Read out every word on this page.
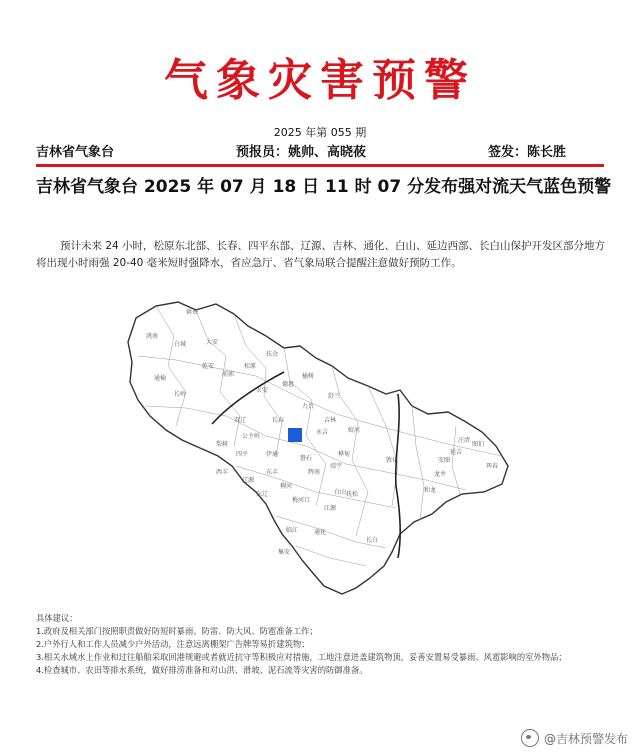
气象灾害预警
2025 年第 055 期
吉林省气象台	预报员：姚帅、高晓莜	签发：陈长胜
吉林省气象台 2025 年 07 月 18 日 11 时 07 分发布强对流天气蓝色预警
预计未来 24 小时，松原东北部、长春、四平东部、辽源、吉林、通化、白山、延边西部、长白山保护开发区部分地方将出现小时雨强 20-40 毫米短时强降水，省应急厅、省气象局联合提醒注意做好预防工作。
镇赉
洮南
白城	大安
通榆
乾安
前郭
长岭
松原
扶余
农安
德惠
榆树
舒兰
九台
长春
双辽
公主岭
伊通
四平
梨树
永吉
吉林
蛟河
敦化	安图
汪清
珲春
图们
龙井
和龙
延吉
辉南
柳河
梅河口
东丰
东辽
辽源
西丰
靖宇
抚松
江源
临江
长白
集安
通化
白山
桦甸
磐石
具体建议：
1.政府及相关部门按照职责做好防短时暴雨、防雷、防大风、防雹准备工作；
2.户外行人和工作人员减少户外活动，注意远离棚架广告牌等易折建筑物；
3.相关水域水上作业和过往船舶采取回港规避或者就近抗守等积极应对措施，工地注意进盖建筑物顶，妥善安置易受暴雨、风雹影响的室外物品；
4.检查城市、农田等排水系统，做好排涝准备和对山洪、滑坡、泥石流等灾害的防御准备。
@吉林预警发布
